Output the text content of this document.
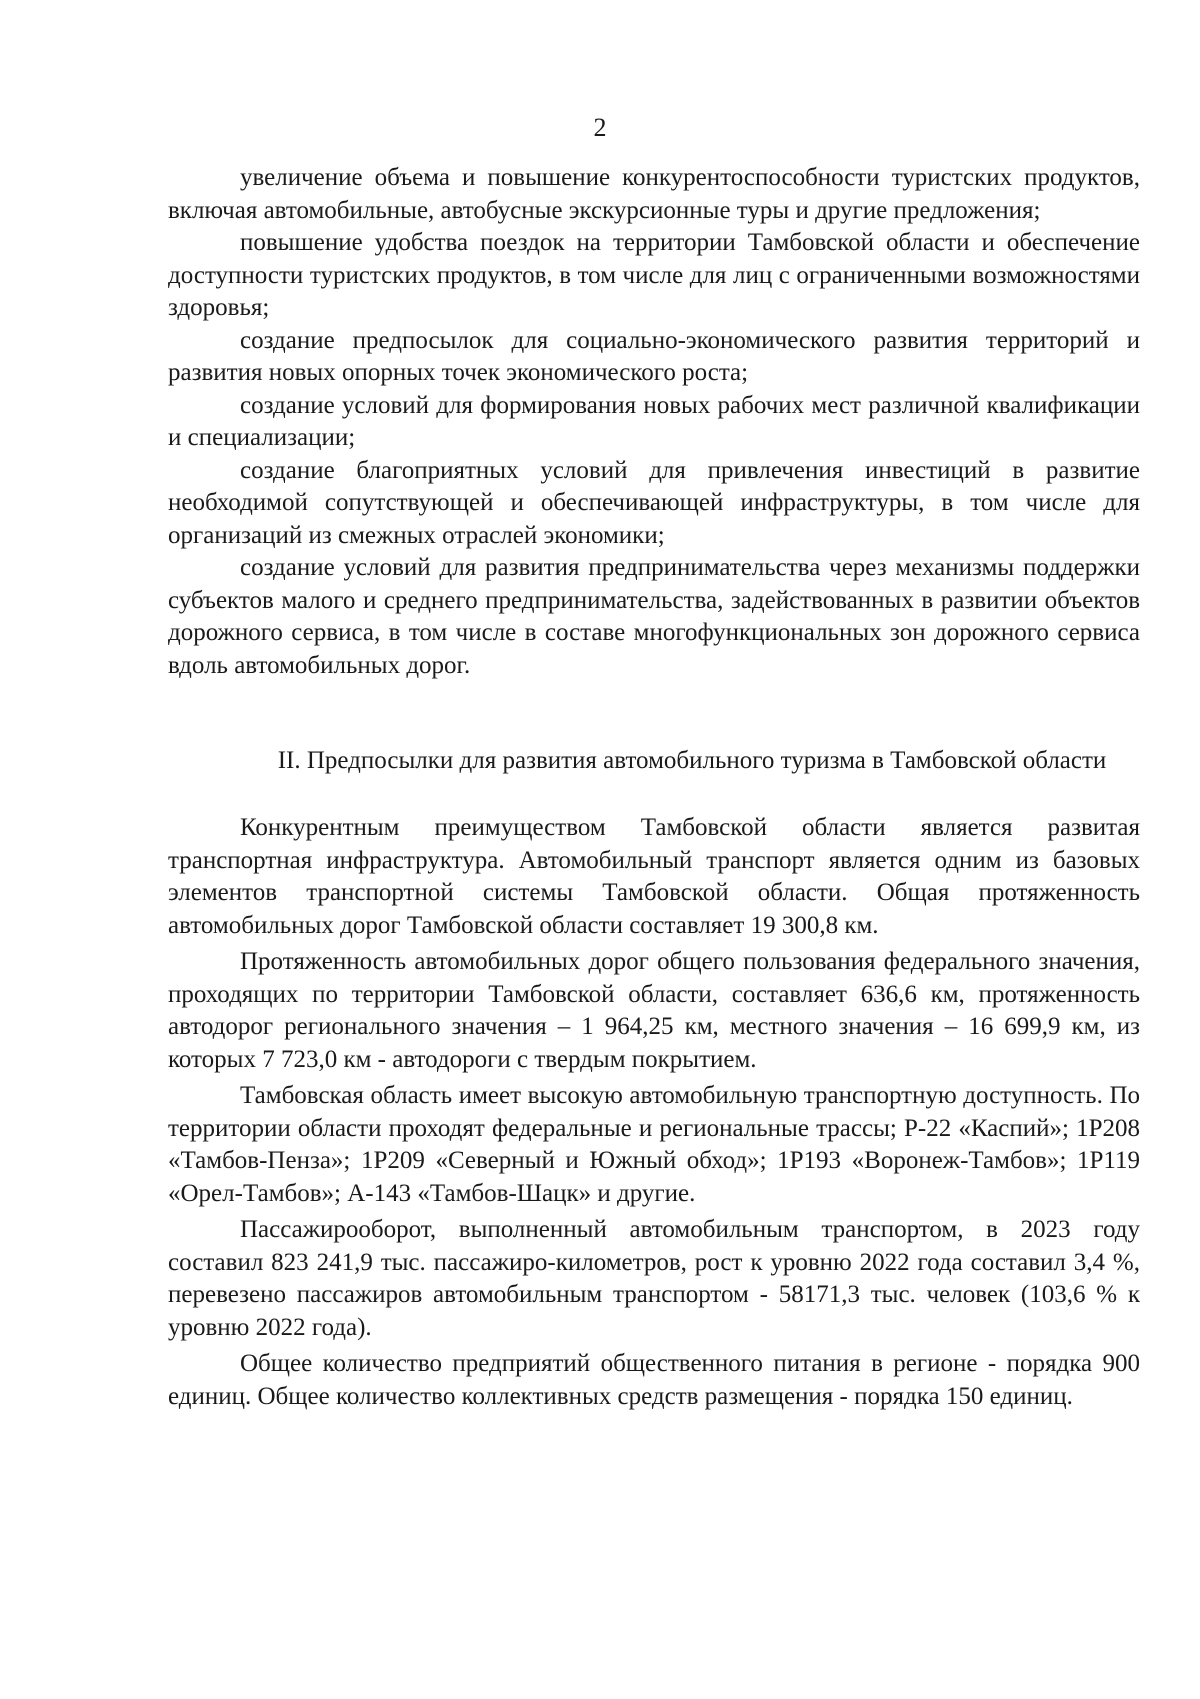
2

увеличение объема и повышение конкурентоспособности туристских продуктов, включая автомобильные, автобусные экскурсионные туры и другие предложения;

повышение удобства поездок на территории Тамбовской области и обеспечение доступности туристских продуктов, в том числе для лиц с ограниченными возможностями здоровья;

создание предпосылок для социально-экономического развития территорий и развития новых опорных точек экономического роста;

создание условий для формирования новых рабочих мест различной квалификации и специализации;

создание благоприятных условий для привлечения инвестиций в развитие необходимой сопутствующей и обеспечивающей инфраструктуры, в том числе для организаций из смежных отраслей экономики;

создание условий для развития предпринимательства через механизмы поддержки субъектов малого и среднего предпринимательства, задействованных в развитии объектов дорожного сервиса, в том числе в составе многофункциональных зон дорожного сервиса вдоль автомобильных дорог.

II. Предпосылки для развития автомобильного туризма в Тамбовской области

Конкурентным преимуществом Тамбовской области является развитая транспортная инфраструктура. Автомобильный транспорт является одним из базовых элементов транспортной системы Тамбовской области. Общая протяженность автомобильных дорог Тамбовской области составляет 19 300,8 км.

Протяженность автомобильных дорог общего пользования федерального значения, проходящих по территории Тамбовской области, составляет 636,6 км, протяженность автодорог регионального значения – 1 964,25 км, местного значения – 16 699,9 км, из которых 7 723,0 км - автодороги с твердым покрытием.

Тамбовская область имеет высокую автомобильную транспортную доступность. По территории области проходят федеральные и региональные трассы; Р-22 «Каспий»; 1Р208 «Тамбов-Пенза»; 1Р209 «Северный и Южный обход»; 1Р193 «Воронеж-Тамбов»; 1Р119 «Орел-Тамбов»; А-143 «Тамбов-Шацк» и другие.

Пассажирооборот, выполненный автомобильным транспортом, в 2023 году составил 823 241,9 тыс. пассажиро-километров, рост к уровню 2022 года составил 3,4 %, перевезено пассажиров автомобильным транспортом - 58171,3 тыс. человек (103,6 % к уровню 2022 года).

Общее количество предприятий общественного питания в регионе - порядка 900 единиц. Общее количество коллективных средств размещения - порядка 150 единиц.
